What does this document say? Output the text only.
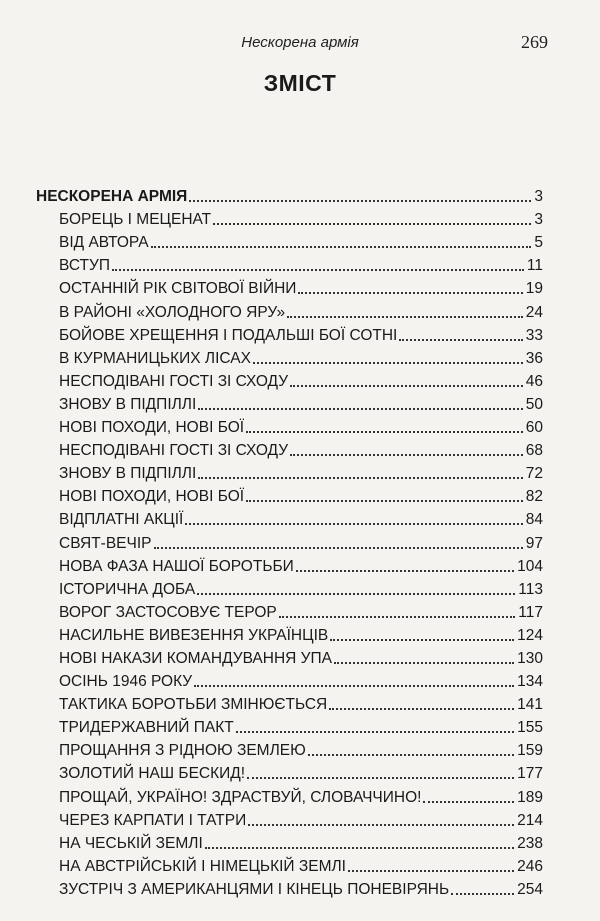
Нескорена армія	269
ЗМІСТ
НЕСКОРЕНА АРМІЯ	3
БОРЕЦЬ І МЕЦЕНАТ	3
ВІД АВТОРА	5
ВСТУП	11
ОСТАННІЙ РІК СВІТОВОЇ ВІЙНИ	19
В РАЙОНІ «ХОЛОДНОГО ЯРУ»	24
БОЙОВЕ ХРЕЩЕННЯ І ПОДАЛЬШІ БОЇ СОТНІ	33
В КУРМАНИЦЬКИХ ЛІСАХ	36
НЕСПОДІВАНІ ГОСТІ ЗІ СХОДУ	46
ЗНОВУ В ПІДПІЛЛІ	50
НОВІ ПОХОДИ, НОВІ БОЇ	60
НЕСПОДІВАНІ ГОСТІ ЗІ СХОДУ	68
ЗНОВУ В ПІДПІЛЛІ	72
НОВІ ПОХОДИ, НОВІ БОЇ	82
ВІДПЛАТНІ АКЦІЇ	84
СВЯТ-ВЕЧІР	97
НОВА ФАЗА НАШОЇ БОРОТЬБИ	104
ІСТОРИЧНА ДОБА	113
ВОРОГ ЗАСТОСОВУЄ ТЕРОР	117
НАСИЛЬНЕ ВИВЕЗЕННЯ УКРАЇНЦІВ	124
НОВІ НАКАЗИ КОМАНДУВАННЯ УПА	130
ОСІНЬ 1946 РОКУ	134
ТАКТИКА БОРОТЬБИ ЗМІНЮЄТЬСЯ	141
ТРИДЕРЖАВНИЙ ПАКТ	155
ПРОЩАННЯ З РІДНОЮ ЗЕМЛЕЮ	159
ЗОЛОТИЙ НАШ БЕСКИД!	177
ПРОЩАЙ, УКРАЇНО! ЗДРАСТВУЙ, СЛОВАЧЧИНО!	189
ЧЕРЕЗ КАРПАТИ І ТАТРИ	214
НА ЧЕСЬКІЙ ЗЕМЛІ	238
НА АВСТРІЙСЬКІЙ І НІМЕЦЬКІЙ ЗЕМЛІ	246
ЗУСТРІЧ З АМЕРИКАНЦЯМИ І КІНЕЦЬ ПОНЕВІРЯНЬ	254
